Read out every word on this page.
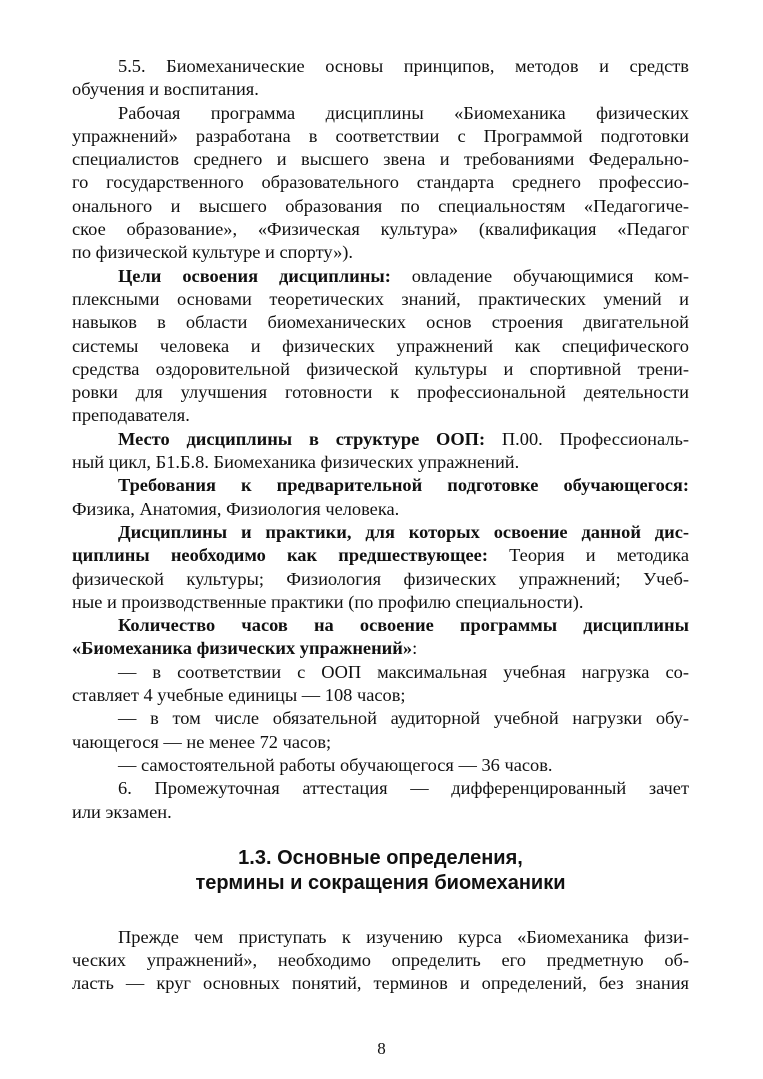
5.5. Биомеханические основы принципов, методов и средств
обучения и воспитания.
Рабочая программа дисциплины «Биомеханика физических
упражнений» разработана в соответствии с Программой подготовки
специалистов среднего и высшего звена и требованиями Федерально-
го государственного образовательного стандарта среднего профессио-
онального и высшего образования по специальностям «Педагогиче-
ское образование», «Физическая культура» (квалификация «Педагог
по физической культуре и спорту»).
Цели освоения дисциплины: овладение обучающимися ком-
плексными основами теоретических знаний, практических умений и
навыков в области биомеханических основ строения двигательной
системы человека и физических упражнений как специфического
средства оздоровительной физической культуры и спортивной трени-
ровки для улучшения готовности к профессиональной деятельности
преподавателя.
Место дисциплины в структуре ООП: П.00. Профессиональ-
ный цикл, Б1.Б.8. Биомеханика физических упражнений.
Требования к предварительной подготовке обучающегося:
Физика, Анатомия, Физиология человека.
Дисциплины и практики, для которых освоение данной дис-
циплины необходимо как предшествующее: Теория и методика
физической культуры; Физиология физических упражнений; Учеб-
ные и производственные практики (по профилю специальности).
Количество часов на освоение программы дисциплины
«Биомеханика физических упражнений»:
— в соответствии с ООП максимальная учебная нагрузка со-
ставляет 4 учебные единицы — 108 часов;
— в том числе обязательной аудиторной учебной нагрузки обу-
чающегося — не менее 72 часов;
— самостоятельной работы обучающегося — 36 часов.
6. Промежуточная аттестация — дифференцированный зачет
или экзамен.
1.3. Основные определения,
термины и сокращения биомеханики
Прежде чем приступать к изучению курса «Биомеханика физи-
ческих упражнений», необходимо определить его предметную об-
ласть — круг основных понятий, терминов и определений, без знания
8
